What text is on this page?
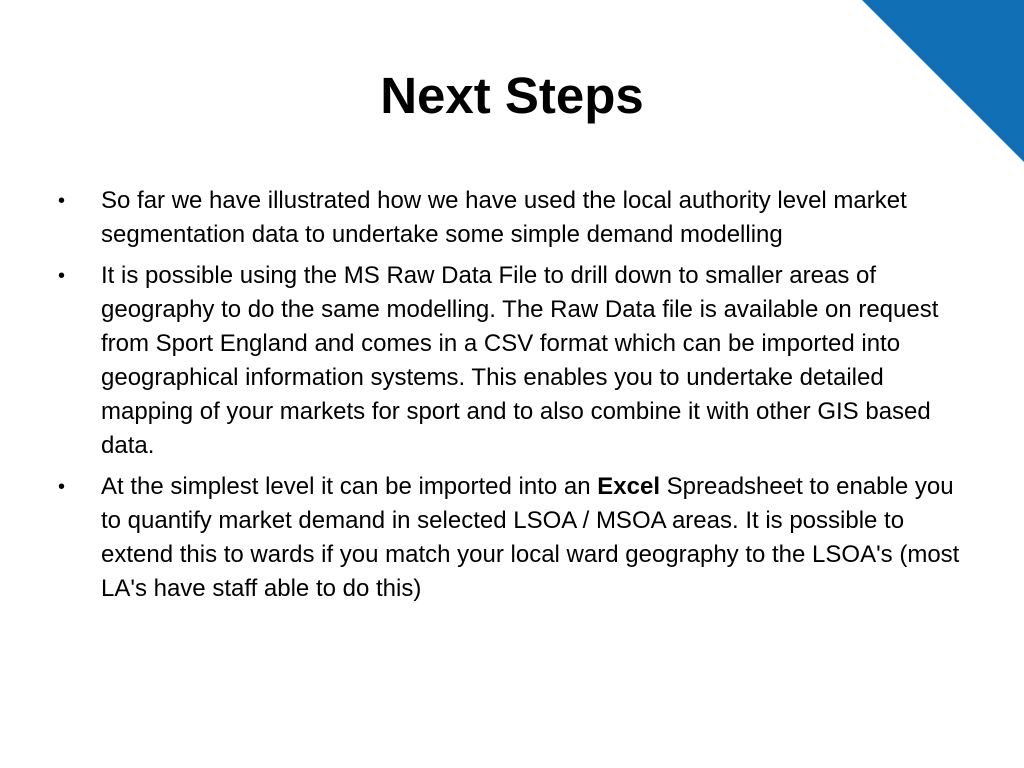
Next Steps
•	So far we have illustrated how we have used the local authority level market segmentation data to undertake some simple demand modelling
•	It is possible using the MS Raw Data File to drill down to smaller areas of geography to do the same modelling. The Raw Data file is available on request from Sport England and comes in a CSV format which can be imported into geographical information systems. This enables you to undertake detailed mapping of your markets for sport and to also combine it with other GIS based data.
•	At the simplest level it can be imported into an Excel Spreadsheet to enable you to quantify market demand in selected LSOA / MSOA areas. It is possible to extend this to wards if you match your local ward geography to the LSOA's (most LA's have staff able to do this)
